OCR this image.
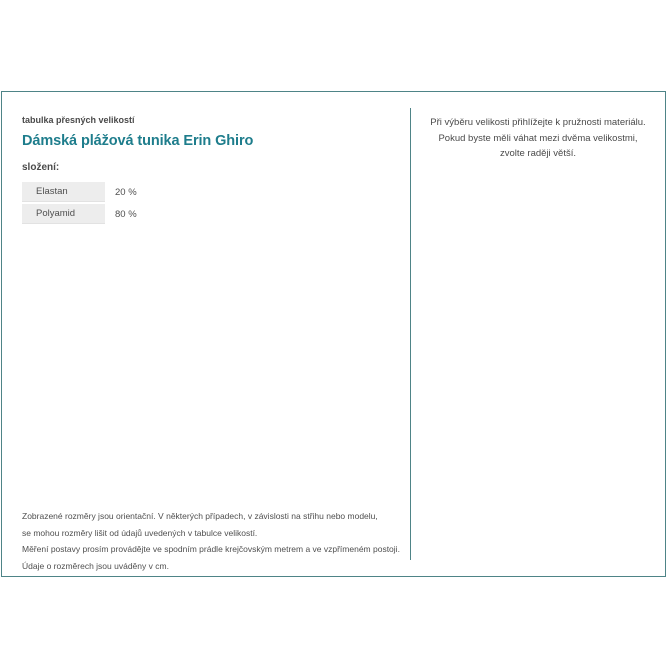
tabulka přesných velikostí
Dámská plážová tunika Erin Ghiro
složení:
Elastan	20 %
Polyamid	80 %
Zobrazené rozměry jsou orientační. V některých případech, v závislosti na střihu nebo modelu,
se mohou rozměry lišit od údajů uvedených v tabulce velikostí.
Měření postavy prosím provádějte ve spodním prádle krejčovským metrem a ve vzpřímeném postoji.
Údaje o rozměrech jsou uváděny v cm.
Při výběru velikosti přihlížejte k pružnosti materiálu.
Pokud byste měli váhat mezi dvěma velikostmi,
zvolte raději větší.
